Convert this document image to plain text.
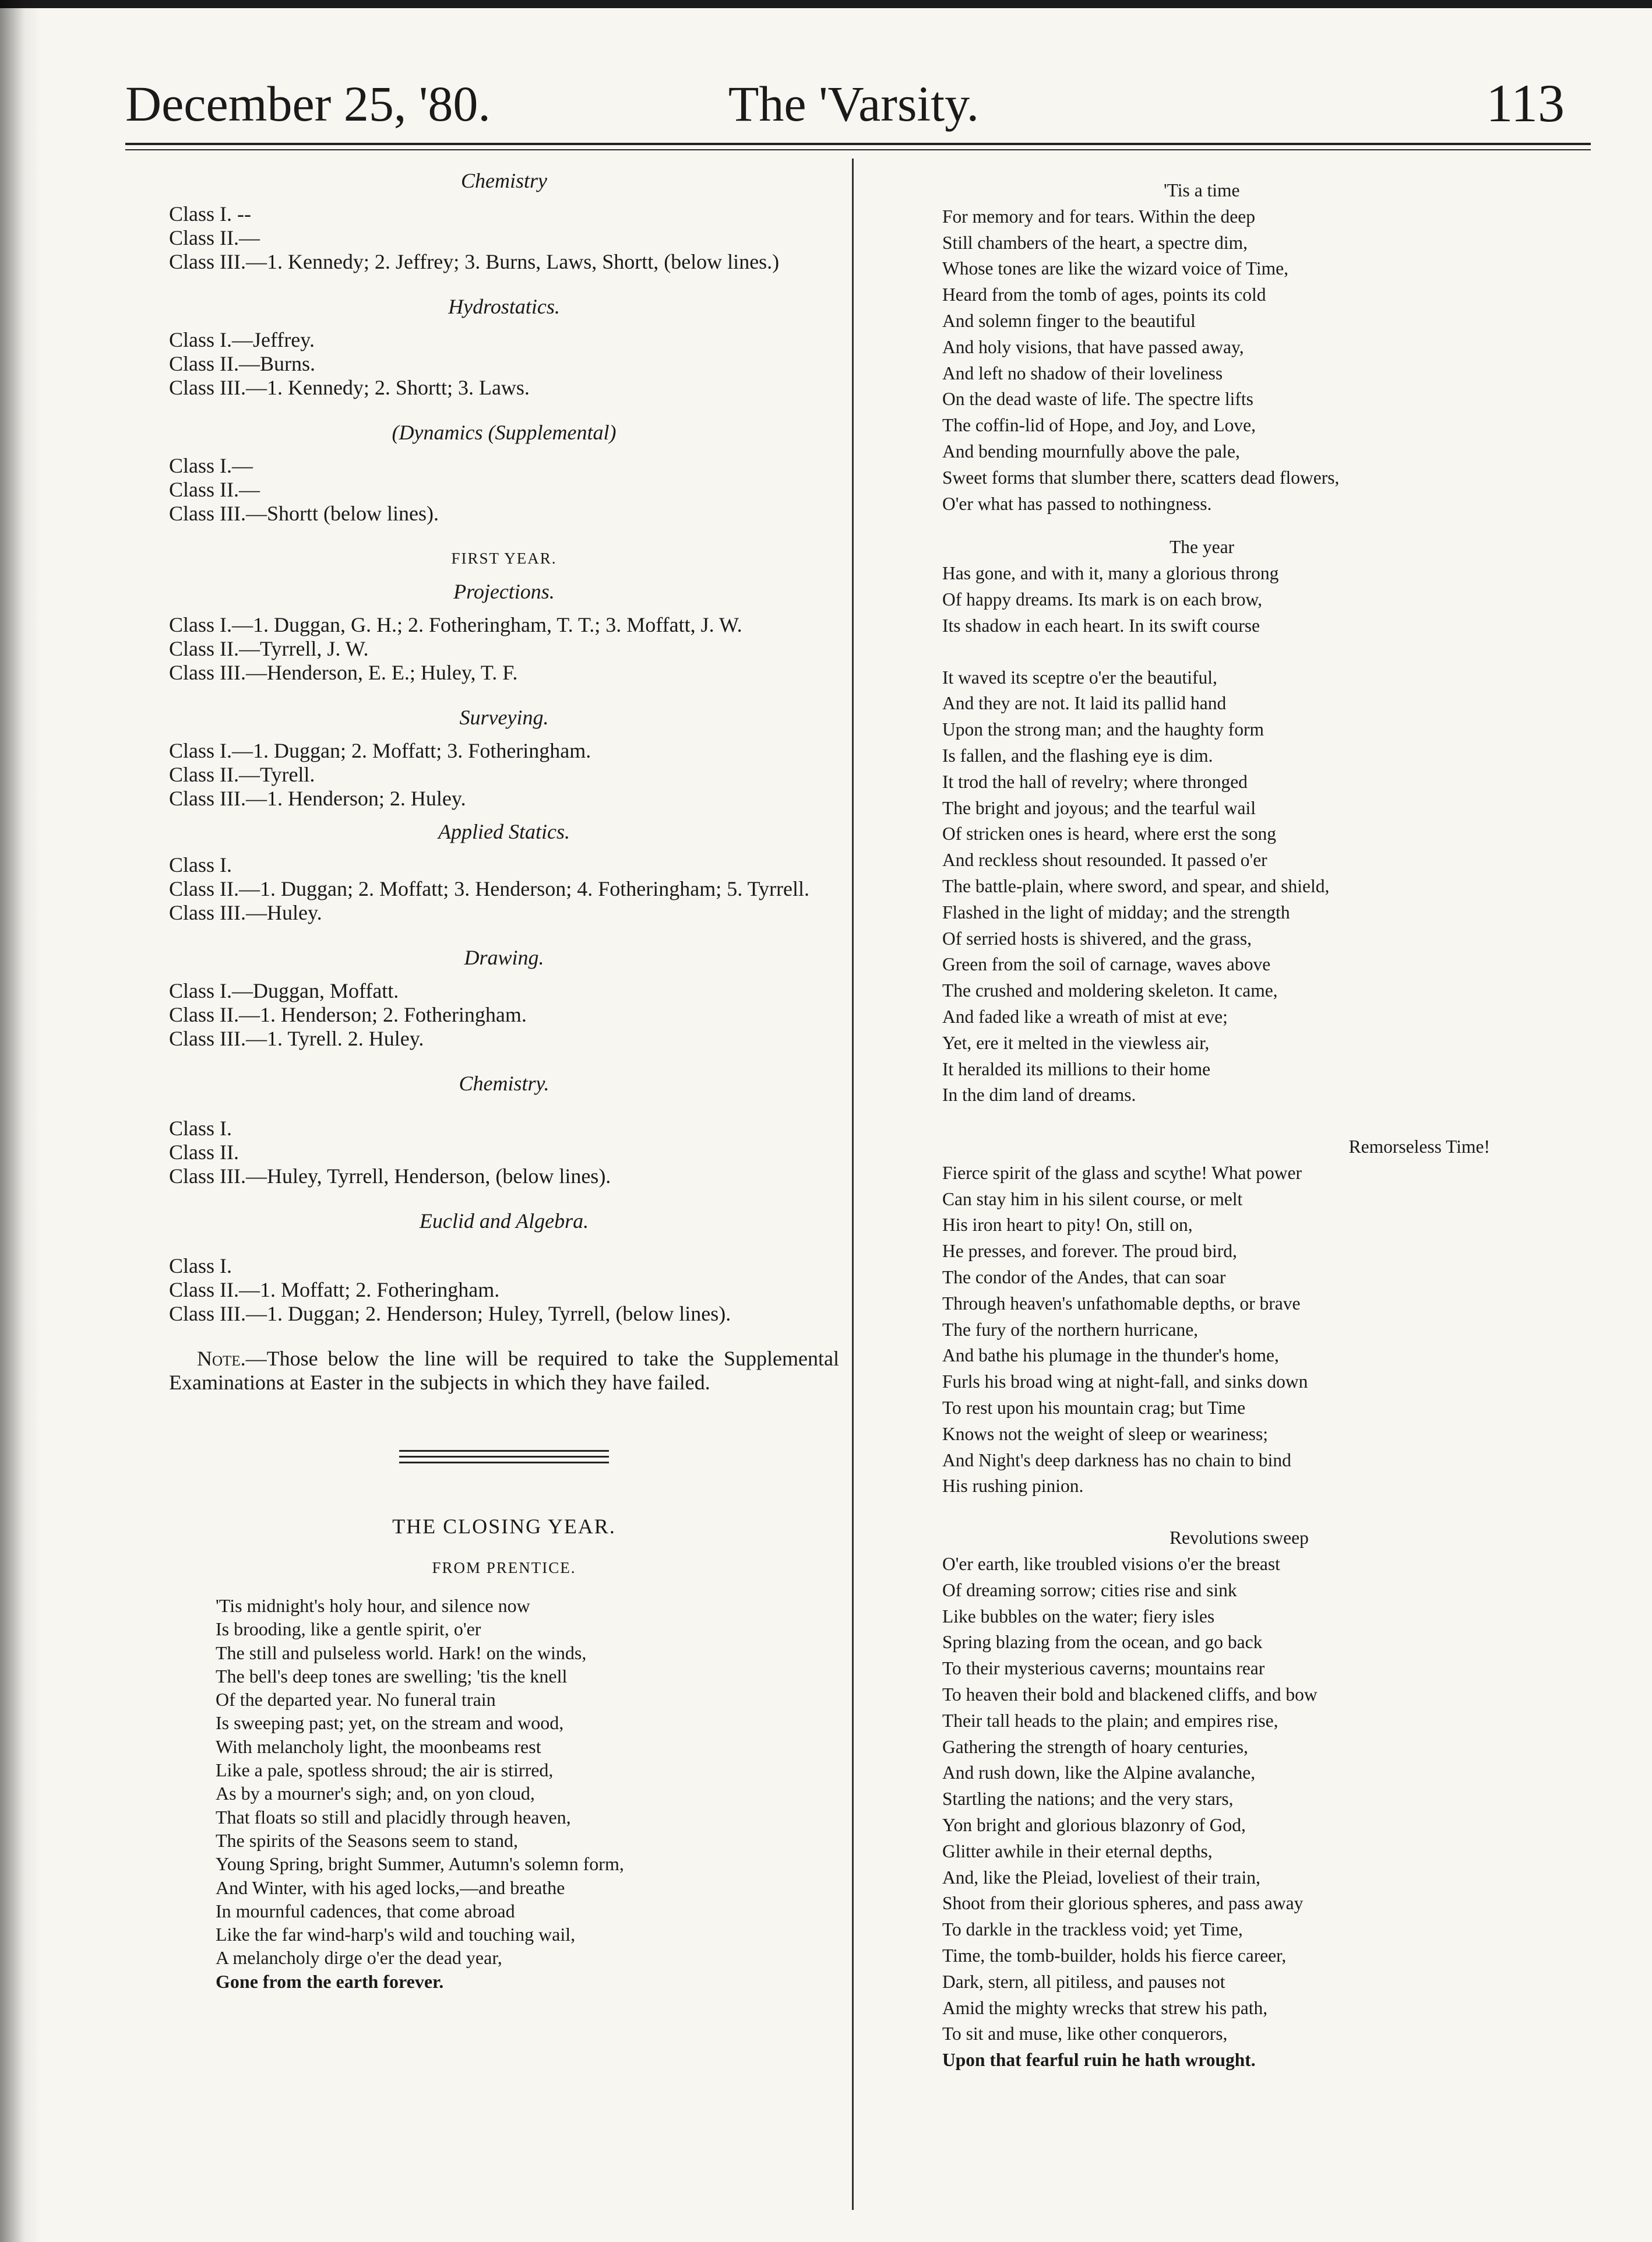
December 25, '80.	The 'Varsity.	113

Chemistry

Class I. --

Class II.—

Class III.—1. Kennedy; 2. Jeffrey; 3. Burns, Laws, Shortt, (below lines.)

Hydrostatics.

Class I.—Jeffrey.

Class II.—Burns.

Class III.—1. Kennedy; 2. Shortt; 3. Laws.

(Dynamics (Supplemental)

Class I.—

Class II.—

Class III.—Shortt (below lines).

FIRST YEAR.

Projections.

Class I.—1. Duggan, G. H.; 2. Fotheringham, T. T.; 3. Moffatt, J. W.

Class II.—Tyrrell, J. W.

Class III.—Henderson, E. E.; Huley, T. F.

Surveying.

Class I.—1. Duggan; 2. Moffatt; 3. Fotheringham.

Class II.—Tyrell.

Class III.—1. Henderson; 2. Huley.

Applied Statics.

Class I.

Class II.—1. Duggan; 2. Moffatt; 3. Henderson; 4. Fotheringham; 5. Tyrrell.

Class III.—Huley.

Drawing.

Class I.—Duggan, Moffatt.

Class II.—1. Henderson; 2. Fotheringham.

Class III.—1. Tyrell. 2. Huley.

Chemistry.

Class I.

Class II.

Class III.—Huley, Tyrrell, Henderson, (below lines).

Euclid and Algebra.

Class I.

Class II.—1. Moffatt; 2. Fotheringham.

Class III.—1. Duggan; 2. Henderson; Huley, Tyrrell, (below lines).

Note.—Those below the line will be required to take the Supplemental Examinations at Easter in the subjects in which they have failed.

THE CLOSING YEAR.

FROM PRENTICE.

'Tis midnight's holy hour, and silence now

Is brooding, like a gentle spirit, o'er

The still and pulseless world. Hark! on the winds,

The bell's deep tones are swelling; 'tis the knell

Of the departed year. No funeral train

Is sweeping past; yet, on the stream and wood,

With melancholy light, the moonbeams rest

Like a pale, spotless shroud; the air is stirred,

As by a mourner's sigh; and, on yon cloud,

That floats so still and placidly through heaven,

The spirits of the Seasons seem to stand,

Young Spring, bright Summer, Autumn's solemn form,

And Winter, with his aged locks,—and breathe

In mournful cadences, that come abroad

Like the far wind-harp's wild and touching wail,

A melancholy dirge o'er the dead year,

Gone from the earth forever.

'Tis a time

For memory and for tears. Within the deep

Still chambers of the heart, a spectre dim,

Whose tones are like the wizard voice of Time,

Heard from the tomb of ages, points its cold

And solemn finger to the beautiful

And holy visions, that have passed away,

And left no shadow of their loveliness

On the dead waste of life. The spectre lifts

The coffin-lid of Hope, and Joy, and Love,

And bending mournfully above the pale,

Sweet forms that slumber there, scatters dead flowers,

O'er what has passed to nothingness.

The year

Has gone, and with it, many a glorious throng

Of happy dreams. Its mark is on each brow,

Its shadow in each heart. In its swift course

It waved its sceptre o'er the beautiful,

And they are not. It laid its pallid hand

Upon the strong man; and the haughty form

Is fallen, and the flashing eye is dim.

It trod the hall of revelry; where thronged

The bright and joyous; and the tearful wail

Of stricken ones is heard, where erst the song

And reckless shout resounded. It passed o'er

The battle-plain, where sword, and spear, and shield,

Flashed in the light of midday; and the strength

Of serried hosts is shivered, and the grass,

Green from the soil of carnage, waves above

The crushed and moldering skeleton. It came,

And faded like a wreath of mist at eve;

Yet, ere it melted in the viewless air,

It heralded its millions to their home

In the dim land of dreams.

Remorseless Time!

Fierce spirit of the glass and scythe! What power

Can stay him in his silent course, or melt

His iron heart to pity! On, still on,

He presses, and forever. The proud bird,

The condor of the Andes, that can soar

Through heaven's unfathomable depths, or brave

The fury of the northern hurricane,

And bathe his plumage in the thunder's home,

Furls his broad wing at night-fall, and sinks down

To rest upon his mountain crag; but Time

Knows not the weight of sleep or weariness;

And Night's deep darkness has no chain to bind

His rushing pinion.

Revolutions sweep

O'er earth, like troubled visions o'er the breast

Of dreaming sorrow; cities rise and sink

Like bubbles on the water; fiery isles

Spring blazing from the ocean, and go back

To their mysterious caverns; mountains rear

To heaven their bold and blackened cliffs, and bow

Their tall heads to the plain; and empires rise,

Gathering the strength of hoary centuries,

And rush down, like the Alpine avalanche,

Startling the nations; and the very stars,

Yon bright and glorious blazonry of God,

Glitter awhile in their eternal depths,

And, like the Pleiad, loveliest of their train,

Shoot from their glorious spheres, and pass away

To darkle in the trackless void; yet Time,

Time, the tomb-builder, holds his fierce career,

Dark, stern, all pitiless, and pauses not

Amid the mighty wrecks that strew his path,

To sit and muse, like other conquerors,

Upon that fearful ruin he hath wrought.
